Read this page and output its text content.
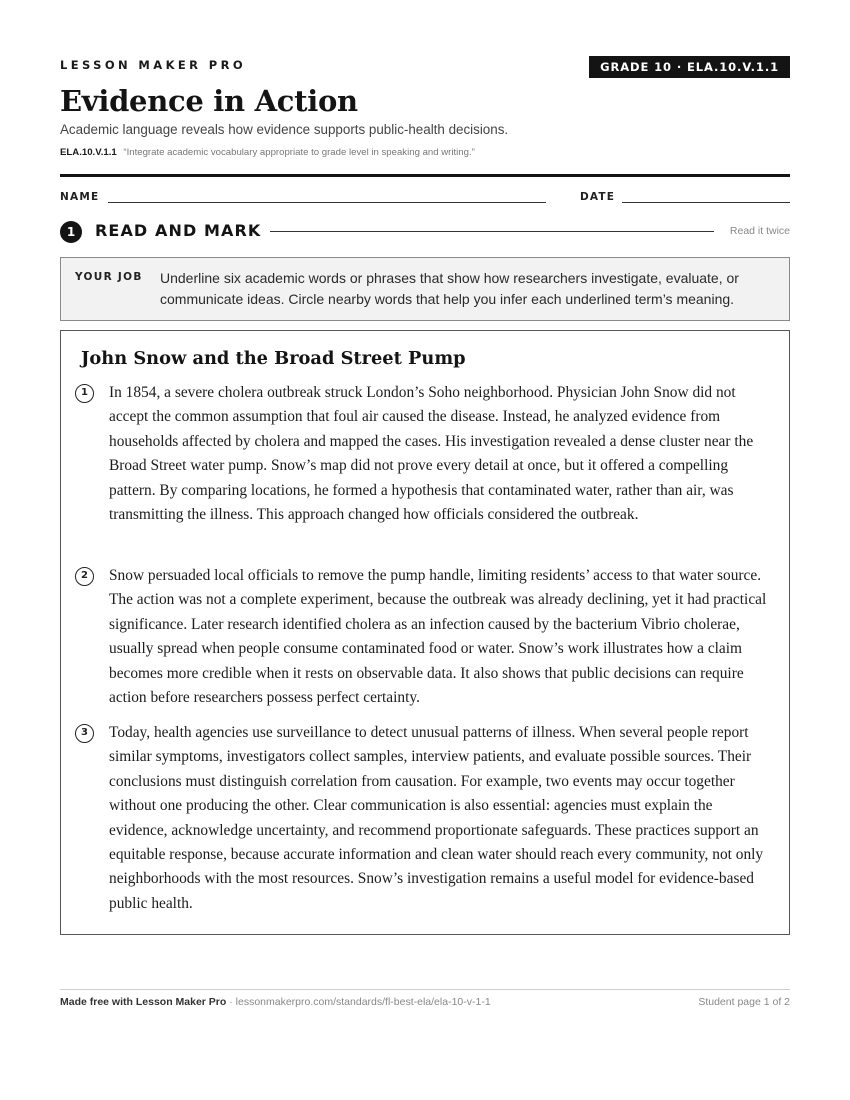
LESSON MAKER PRO	GRADE 10 · ELA.10.V.1.1
Evidence in Action
Academic language reveals how evidence supports public-health decisions.
ELA.10.V.1.1 “Integrate academic vocabulary appropriate to grade level in speaking and writing.”
NAME	DATE
1	READ AND MARK	Read it twice
YOUR JOB Underline six academic words or phrases that show how researchers investigate, evaluate, or communicate ideas. Circle nearby words that help you infer each underlined term’s meaning.
John Snow and the Broad Street Pump
1	In 1854, a severe cholera outbreak struck London’s Soho neighborhood. Physician John Snow did not accept the common assumption that foul air caused the disease. Instead, he analyzed evidence from households affected by cholera and mapped the cases. His investigation revealed a dense cluster near the Broad Street water pump. Snow’s map did not prove every detail at once, but it offered a compelling pattern. By comparing locations, he formed a hypothesis that contaminated water, rather than air, was transmitting the illness. This approach changed how officials considered the outbreak.

2	Snow persuaded local officials to remove the pump handle, limiting residents’ access to that water source. The action was not a complete experiment, because the outbreak was already declining, yet it had practical significance. Later research identified cholera as an infection caused by the bacterium Vibrio cholerae, usually spread when people consume contaminated food or water. Snow’s work illustrates how a claim becomes more credible when it rests on observable data. It also shows that public decisions can require action before researchers possess perfect certainty.

3	Today, health agencies use surveillance to detect unusual patterns of illness. When several people report similar symptoms, investigators collect samples, interview patients, and evaluate possible sources. Their conclusions must distinguish correlation from causation. For example, two events may occur together without one producing the other. Clear communication is also essential: agencies must explain the evidence, acknowledge uncertainty, and recommend proportionate safeguards. These practices support an equitable response, because accurate information and clean water should reach every community, not only neighborhoods with the most resources. Snow’s investigation remains a useful model for evidence-based public health.

Made free with Lesson Maker Pro · lessonmakerpro.com/standards/fl-best-ela/ela-10-v-1-1	Student page 1 of 2
